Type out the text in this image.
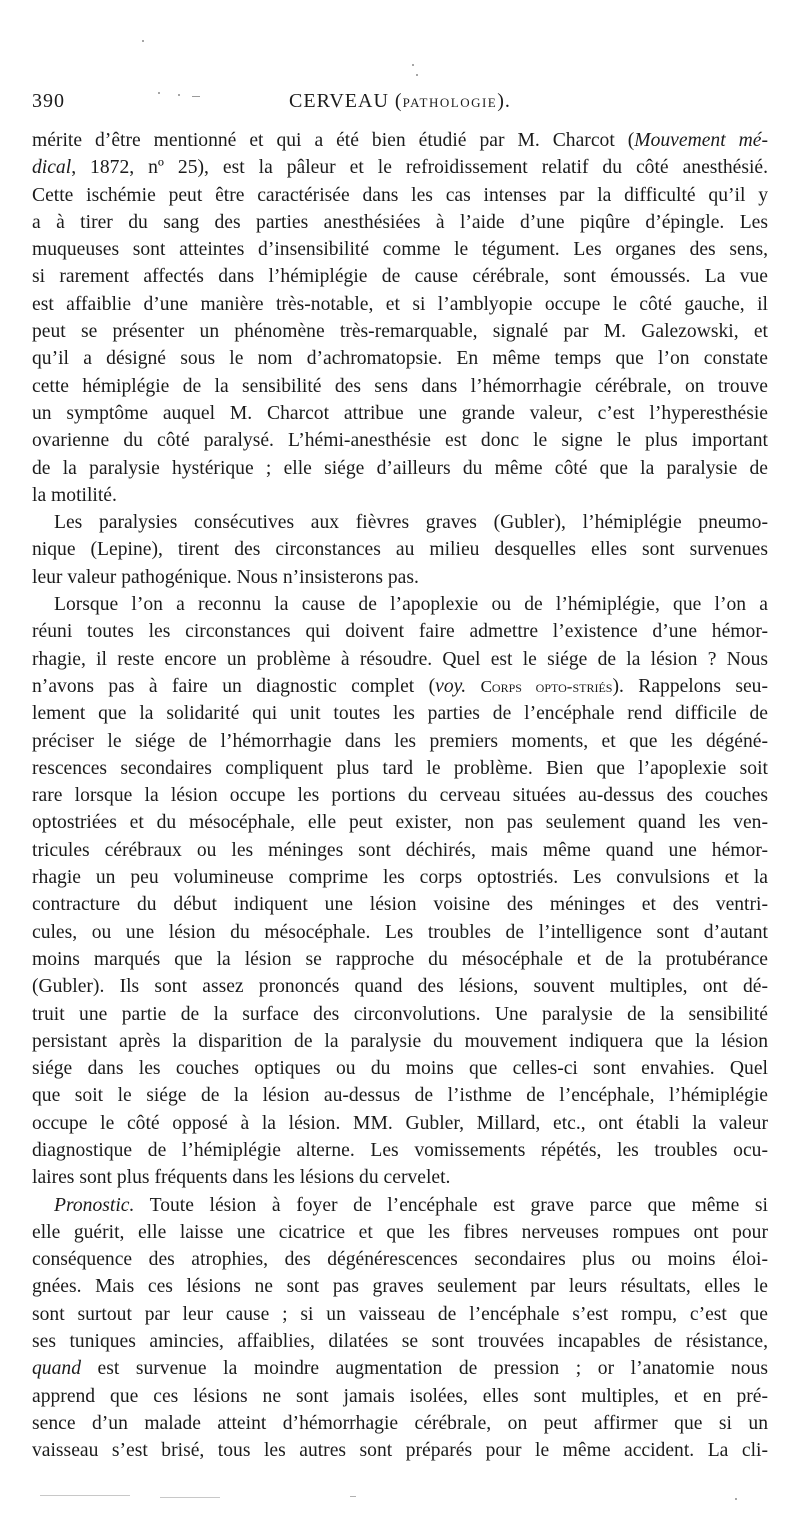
390	CERVEAU (PATHOLOGIE).
mérite d’être mentionné et qui a été bien étudié par M. Charcot (Mouvement mé-
dical, 1872, nº 25), est la pâleur et le refroidissement relatif du côté anesthésié.
Cette ischémie peut être caractérisée dans les cas intenses par la difficulté qu’il y
a à tirer du sang des parties anesthésiées à l’aide d’une piqûre d’épingle. Les
muqueuses sont atteintes d’insensibilité comme le tégument. Les organes des sens,
si rarement affectés dans l’hémiplégie de cause cérébrale, sont émoussés. La vue
est affaiblie d’une manière très-notable, et si l’amblyopie occupe le côté gauche, il
peut se présenter un phénomène très-remarquable, signalé par M. Galezowski, et
qu’il a désigné sous le nom d’achromatopsie. En même temps que l’on constate
cette hémiplégie de la sensibilité des sens dans l’hémorrhagie cérébrale, on trouve
un symptôme auquel M. Charcot attribue une grande valeur, c’est l’hyperesthésie
ovarienne du côté paralysé. L’hémi-anesthésie est donc le signe le plus important
de la paralysie hystérique ; elle siége d’ailleurs du même côté que la paralysie de
la motilité.
Les paralysies consécutives aux fièvres graves (Gubler), l’hémiplégie pneumo-
nique (Lepine), tirent des circonstances au milieu desquelles elles sont survenues
leur valeur pathogénique. Nous n’insisterons pas.
Lorsque l’on a reconnu la cause de l’apoplexie ou de l’hémiplégie, que l’on a
réuni toutes les circonstances qui doivent faire admettre l’existence d’une hémor-
rhagie, il reste encore un problème à résoudre. Quel est le siége de la lésion ? Nous
n’avons pas à faire un diagnostic complet (voy. Corps opto-striés). Rappelons seu-
lement que la solidarité qui unit toutes les parties de l’encéphale rend difficile de
préciser le siége de l’hémorrhagie dans les premiers moments, et que les dégéné-
rescences secondaires compliquent plus tard le problème. Bien que l’apoplexie soit
rare lorsque la lésion occupe les portions du cerveau situées au-dessus des couches
optostriées et du mésocéphale, elle peut exister, non pas seulement quand les ven-
tricules cérébraux ou les méninges sont déchirés, mais même quand une hémor-
rhagie un peu volumineuse comprime les corps optostriés. Les convulsions et la
contracture du début indiquent une lésion voisine des méninges et des ventri-
cules, ou une lésion du mésocéphale. Les troubles de l’intelligence sont d’autant
moins marqués que la lésion se rapproche du mésocéphale et de la protubérance
(Gubler). Ils sont assez prononcés quand des lésions, souvent multiples, ont dé-
truit une partie de la surface des circonvolutions. Une paralysie de la sensibilité
persistant après la disparition de la paralysie du mouvement indiquera que la lésion
siége dans les couches optiques ou du moins que celles-ci sont envahies. Quel
que soit le siége de la lésion au-dessus de l’isthme de l’encéphale, l’hémiplégie
occupe le côté opposé à la lésion. MM. Gubler, Millard, etc., ont établi la valeur
diagnostique de l’hémiplégie alterne. Les vomissements répétés, les troubles ocu-
laires sont plus fréquents dans les lésions du cervelet.
Pronostic. Toute lésion à foyer de l’encéphale est grave parce que même si
elle guérit, elle laisse une cicatrice et que les fibres nerveuses rompues ont pour
conséquence des atrophies, des dégénérescences secondaires plus ou moins éloi-
gnées. Mais ces lésions ne sont pas graves seulement par leurs résultats, elles le
sont surtout par leur cause ; si un vaisseau de l’encéphale s’est rompu, c’est que
ses tuniques amincies, affaiblies, dilatées se sont trouvées incapables de résistance,
quand est survenue la moindre augmentation de pression ; or l’anatomie nous
apprend que ces lésions ne sont jamais isolées, elles sont multiples, et en pré-
sence d’un malade atteint d’hémorrhagie cérébrale, on peut affirmer que si un
vaisseau s’est brisé, tous les autres sont préparés pour le même accident. La cli-
